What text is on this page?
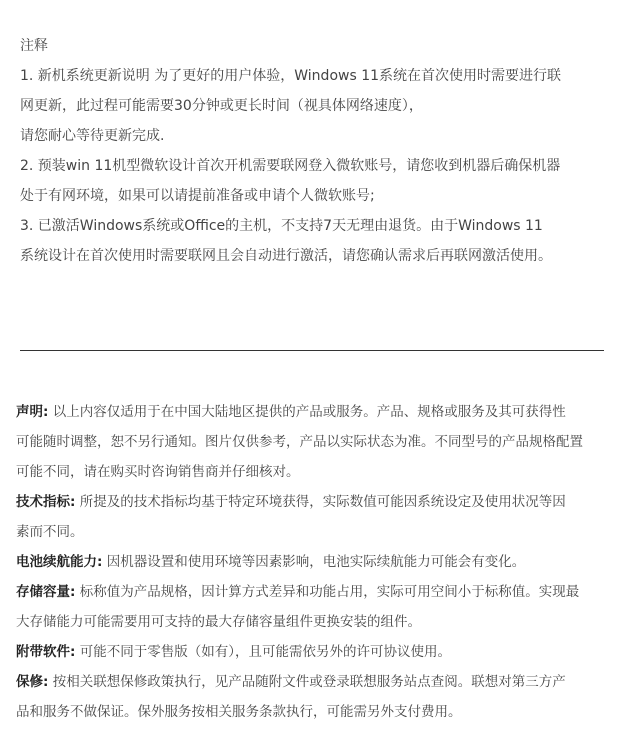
注释

1. 新机系统更新说明 为了更好的用户体验，Windows 11系统在首次使用时需要进行联

网更新，此过程可能需要30分钟或更长时间（视具体网络速度），

请您耐心等待更新完成.

2. 预装win 11机型微软设计首次开机需要联网登入微软账号，请您收到机器后确保机器

处于有网环境，如果可以请提前准备或申请个人微软账号;

3. 已激活Windows系统或Office的主机，不支持7天无理由退货。由于Windows 11

系统设计在首次使用时需要联网且会自动进行激活，请您确认需求后再联网激活使用。

声明: 以上内容仅适用于在中国大陆地区提供的产品或服务。产品、规格或服务及其可获得性

可能随时调整，恕不另行通知。图片仅供参考，产品以实际状态为准。不同型号的产品规格配置

可能不同，请在购买时咨询销售商并仔细核对。

技术指标: 所提及的技术指标均基于特定环境获得，实际数值可能因系统设定及使用状况等因

素而不同。

电池续航能力: 因机器设置和使用环境等因素影响，电池实际续航能力可能会有变化。

存储容量: 标称值为产品规格，因计算方式差异和功能占用，实际可用空间小于标称值。实现最

大存储能力可能需要用可支持的最大存储容量组件更换安装的组件。

附带软件: 可能不同于零售版（如有），且可能需依另外的许可协议使用。

保修: 按相关联想保修政策执行，见产品随附文件或登录联想服务站点查阅。联想对第三方产

品和服务不做保证。保外服务按相关服务条款执行，可能需另外支付费用。
